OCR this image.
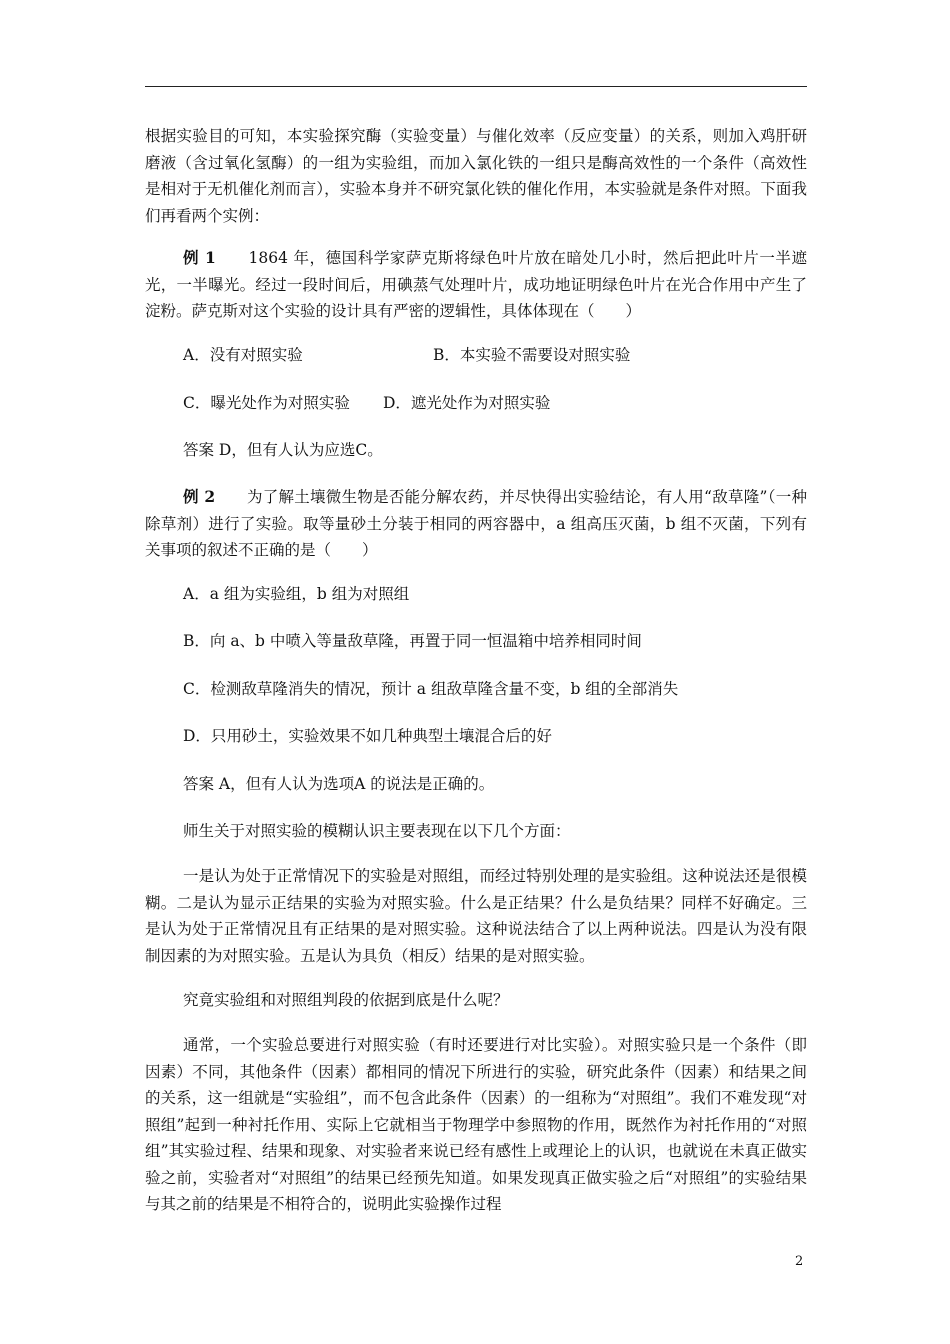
根据实验目的可知，本实验探究酶（实验变量）与催化效率（反应变量）的关系，则加入鸡肝研磨液（含过氧化氢酶）的一组为实验组，而加入氯化铁的一组只是酶高效性的一个条件（高效性是相对于无机催化剂而言），实验本身并不研究氯化铁的催化作用，本实验就是条件对照。下面我们再看两个实例：
例 1　　 1864 年，德国科学家萨克斯将绿色叶片放在暗处几小时，然后把此叶片一半遮光，一半曝光。经过一段时间后，用碘蒸气处理叶片，成功地证明绿色叶片在光合作用中产生了淀粉。萨克斯对这个实验的设计具有严密的逻辑性，具体体现在（　　）
A．没有对照实验	B．本实验不需要设对照实验
C．曝光处作为对照实验 D．遮光处作为对照实验
答案 D，但有人认为应选C。
例 2　　 为了解土壤微生物是否能分解农药，并尽快得出实验结论，有人用“敌草隆”（一种除草剂）进行了实验。取等量砂土分装于相同的两容器中，a 组高压灭菌，b 组不灭菌，下列有关事项的叙述不正确的是（　　）
A．a 组为实验组，b 组为对照组
B．向 a、b 中喷入等量敌草隆，再置于同一恒温箱中培养相同时间
C．检测敌草隆消失的情况，预计 a 组敌草隆含量不变，b 组的全部消失
D．只用砂土，实验效果不如几种典型土壤混合后的好
答案 A，但有人认为选项A 的说法是正确的。
师生关于对照实验的模糊认识主要表现在以下几个方面：
一是认为处于正常情况下的实验是对照组，而经过特别处理的是实验组。这种说法还是很模糊。二是认为显示正结果的实验为对照实验。什么是正结果？什么是负结果？同样不好确定。三是认为处于正常情况且有正结果的是对照实验。这种说法结合了以上两种说法。四是认为没有限制因素的为对照实验。五是认为具负（相反）结果的是对照实验。
究竟实验组和对照组判段的依据到底是什么呢？
通常，一个实验总要进行对照实验（有时还要进行对比实验）。对照实验只是一个条件（即因素）不同，其他条件（因素）都相同的情况下所进行的实验，研究此条件（因素）和结果之间的关系，这一组就是“实验组”，而不包含此条件（因素）的一组称为“对照组”。我们不难发现“对照组”起到一种衬托作用、实际上它就相当于物理学中参照物的作用，既然作为衬托作用的“对照组”其实验过程、结果和现象、对实验者来说已经有感性上或理论上的认识，也就说在未真正做实验之前，实验者对“对照组”的结果已经预先知道。如果发现真正做实验之后“对照组”的实验结果与其之前的结果是不相符合的，说明此实验操作过程
2
